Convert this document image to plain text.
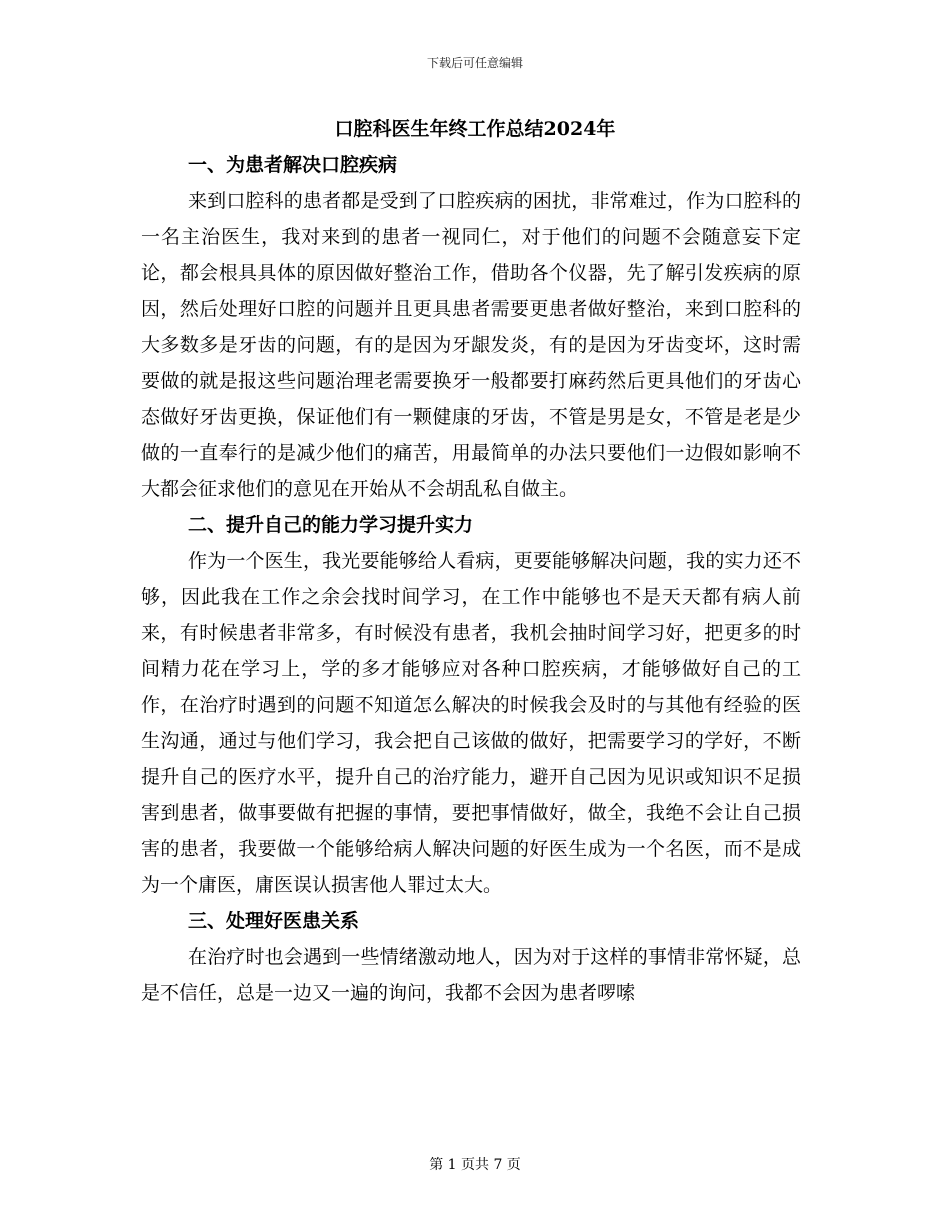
下载后可任意编辑
口腔科医生年终工作总结2024年
一、为患者解决口腔疾病

来到口腔科的患者都是受到了口腔疾病的困扰，非常难过，作为口腔科的一名主治医生，我对来到的患者一视同仁，对于他们的问题不会随意妄下定论，都会根具具体的原因做好整治工作，借助各个仪器，先了解引发疾病的原因，然后处理好口腔的问题并且更具患者需要更患者做好整治，来到口腔科的大多数多是牙齿的问题，有的是因为牙龈发炎，有的是因为牙齿变坏，这时需要做的就是报这些问题治理老需要换牙一般都要打麻药然后更具他们的牙齿心态做好牙齿更换，保证他们有一颗健康的牙齿，不管是男是女，不管是老是少做的一直奉行的是减少他们的痛苦，用最简单的办法只要他们一边假如影响不大都会征求他们的意见在开始从不会胡乱私自做主。

二、提升自己的能力学习提升实力

作为一个医生，我光要能够给人看病，更要能够解决问题，我的实力还不够，因此我在工作之余会找时间学习，在工作中能够也不是天天都有病人前来，有时候患者非常多，有时候没有患者，我机会抽时间学习好，把更多的时间精力花在学习上，学的多才能够应对各种口腔疾病，才能够做好自己的工作，在治疗时遇到的问题不知道怎么解决的时候我会及时的与其他有经验的医生沟通，通过与他们学习，我会把自己该做的做好，把需要学习的学好，不断提升自己的医疗水平，提升自己的治疗能力，避开自己因为见识或知识不足损害到患者，做事要做有把握的事情，要把事情做好，做全，我绝不会让自己损害的患者，我要做一个能够给病人解决问题的好医生成为一个名医，而不是成为一个庸医，庸医误认损害他人罪过太大。

三、处理好医患关系

在治疗时也会遇到一些情绪激动地人，因为对于这样的事情非常怀疑，总是不信任，总是一边又一遍的询问，我都不会因为患者啰嗦

第 1 页共 7 页
